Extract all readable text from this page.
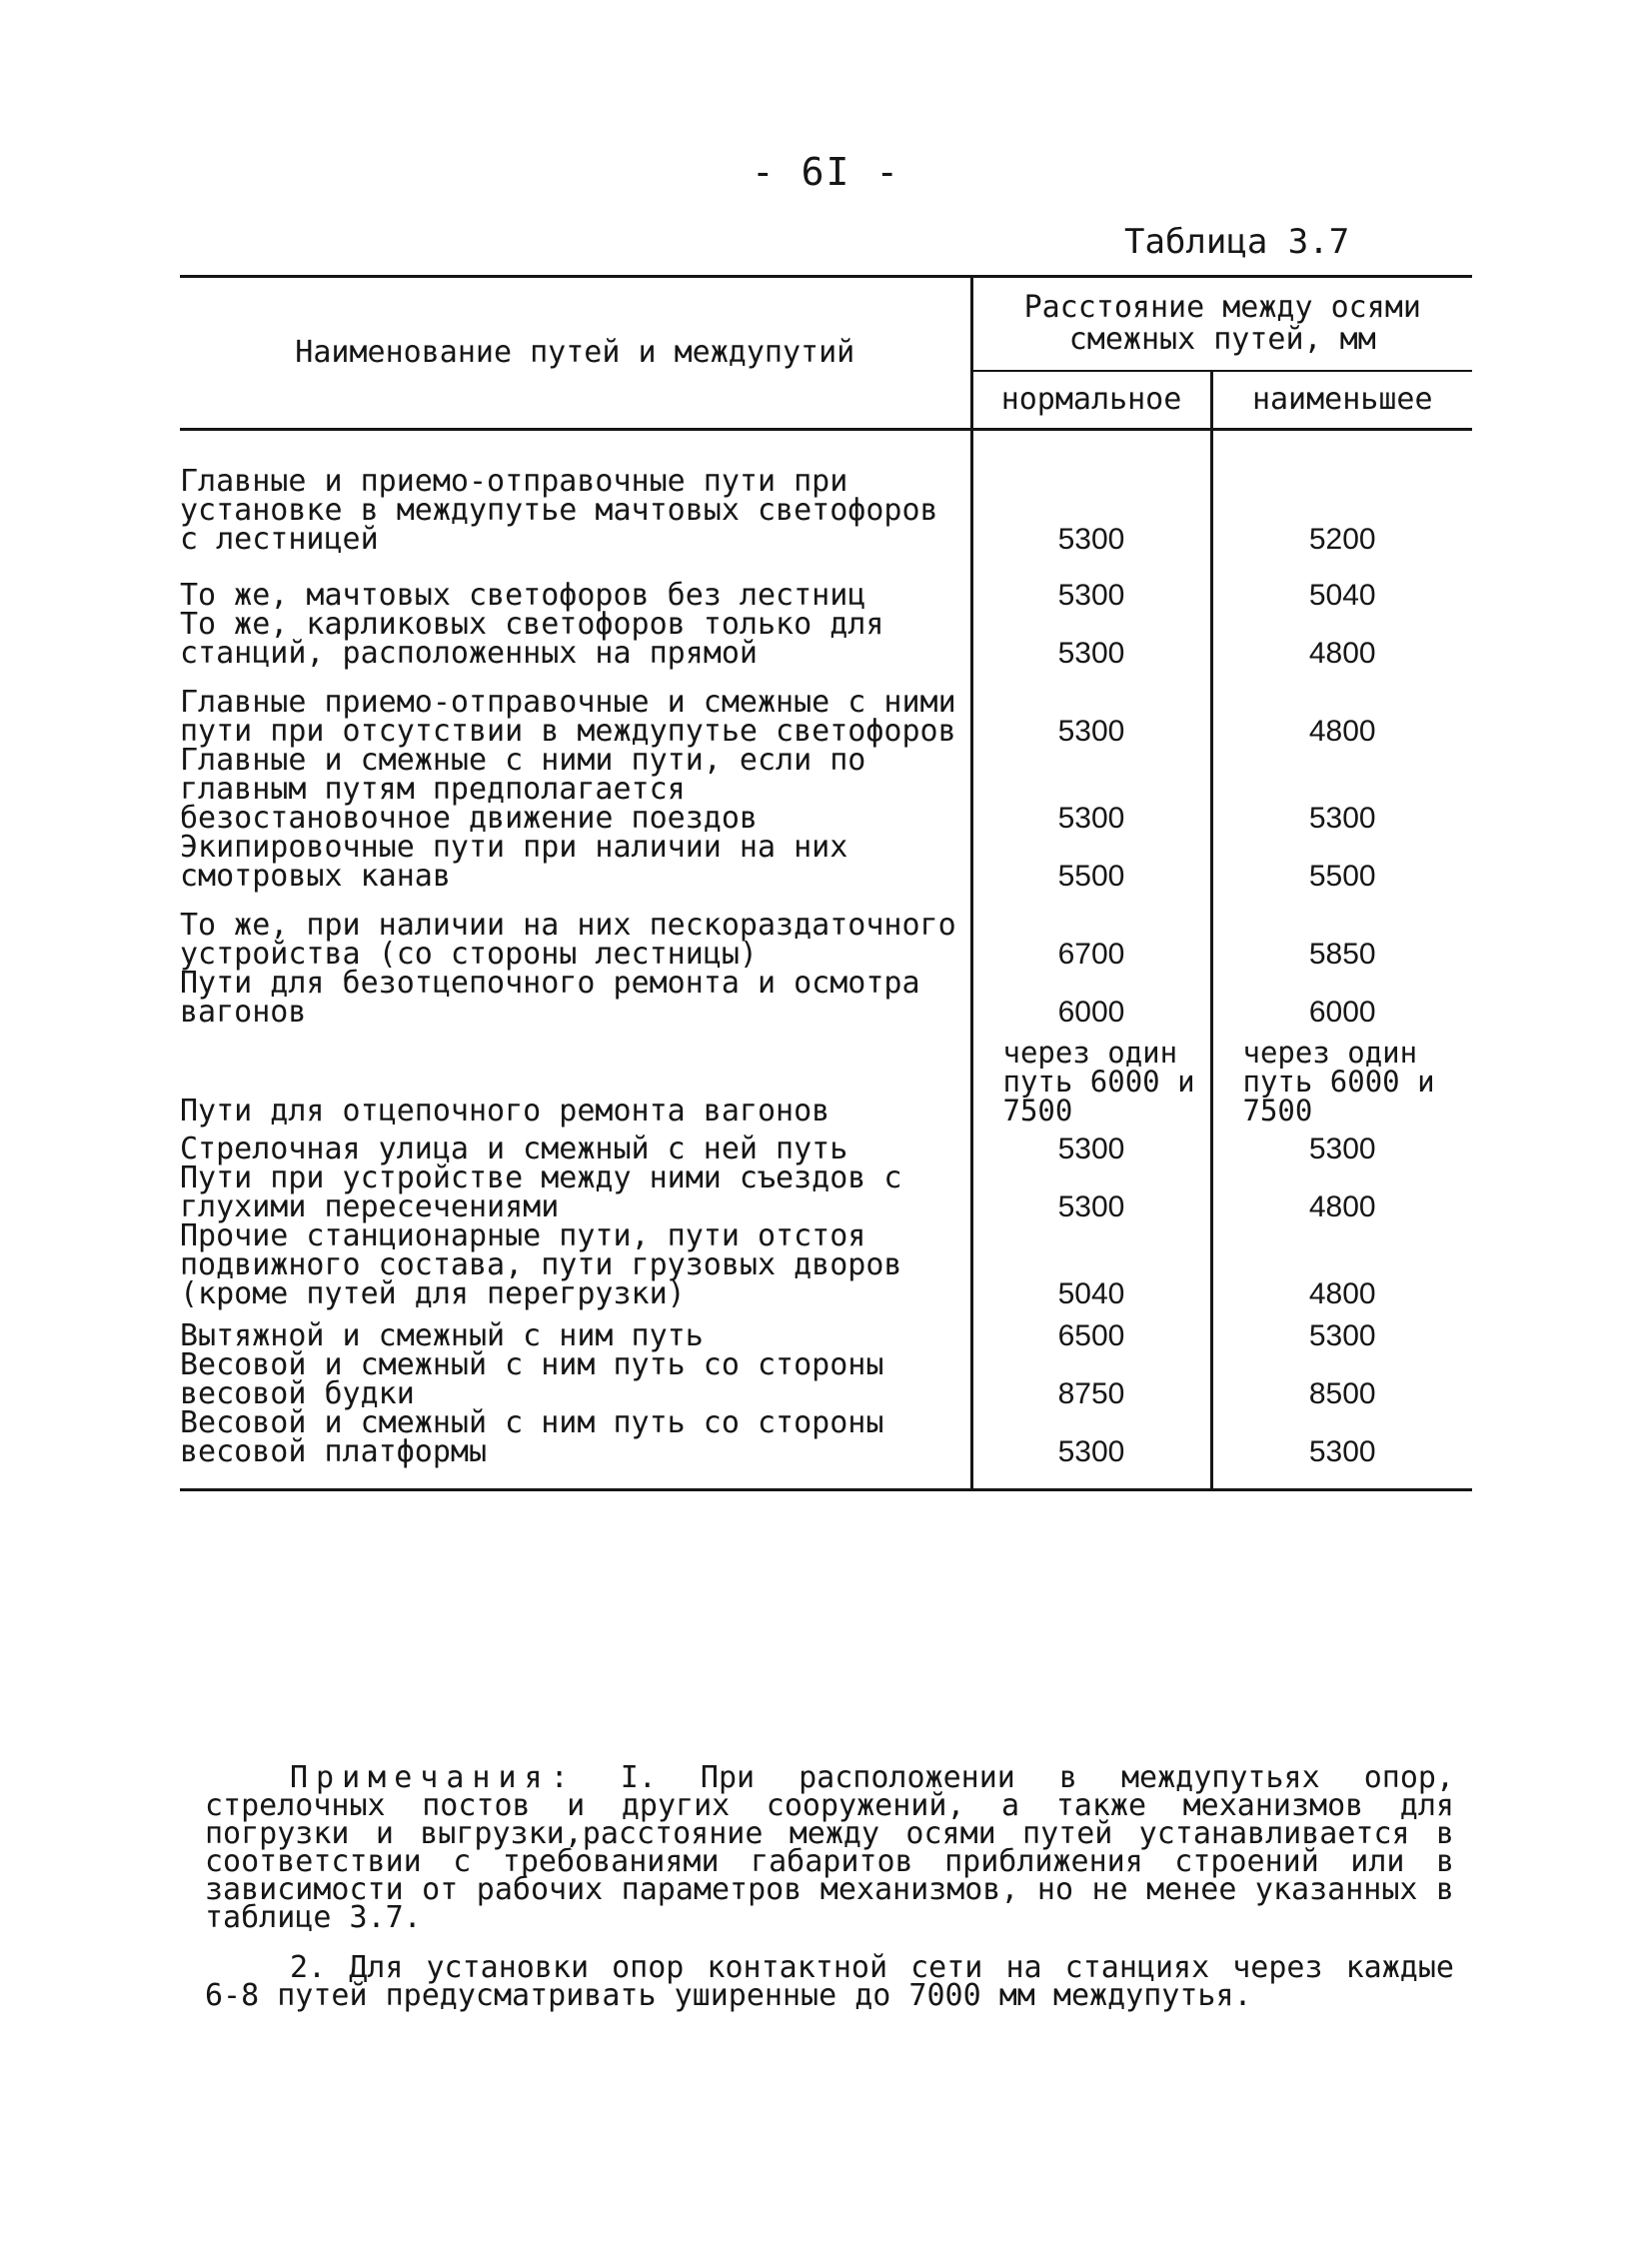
- 6I -
Таблица 3.7
Наименование путей и междупутий	Расстояние между осями смежных путей, мм	
	нормальное	наименьшее
Главные и приемо-отправочные пути при установке в междупутье мачтовых светофоров с лестницей	5300	5200
То же, мачтовых светофоров без лестниц	5300	5040
То же, карликовых светофоров только для станций, расположенных на прямой	5300	4800
Главные приемо-отправочные и смежные с ними пути при отсутствии в междупутье светофоров	5300	4800
Главные и смежные с ними пути, если по главным путям предполагается безостановочное движение поездов	5300	5300
Экипировочные пути при наличии на них смотровых канав	5500	5500
То же, при наличии на них пескораздаточного устройства (со стороны лестницы)	6700	5850
Пути для безотцепочного ремонта и осмотра вагонов	6000	6000
Пути для отцепочного ремонта вагонов	через один путь 6000 и 7500	через один путь 6000 и 7500
Стрелочная улица и смежный с ней путь	5300	5300
Пути при устройстве между ними съездов с глухими пересечениями	5300	4800
Прочие станционарные пути, пути отстоя подвижного состава, пути грузовых дворов (кроме путей для перегрузки)	5040	4800
Вытяжной и смежный с ним путь	6500	5300
Весовой и смежный с ним путь со стороны весовой будки	8750	8500
Весовой и смежный с ним путь со стороны весовой платформы	5300	5300

Примечания: I. При расположении в междупутьях опор, стрелочных постов и других сооружений, а также механизмов для погрузки и выгрузки,расстояние между осями путей устанавливается в соответствии с требованиями габаритов приближения строений или в зависимости от рабочих параметров механизмов, но не менее указанных в таблице 3.7.

2. Для установки опор контактной сети на станциях через каждые 6-8 путей предусматривать уширенные до 7000 мм междупутья.
